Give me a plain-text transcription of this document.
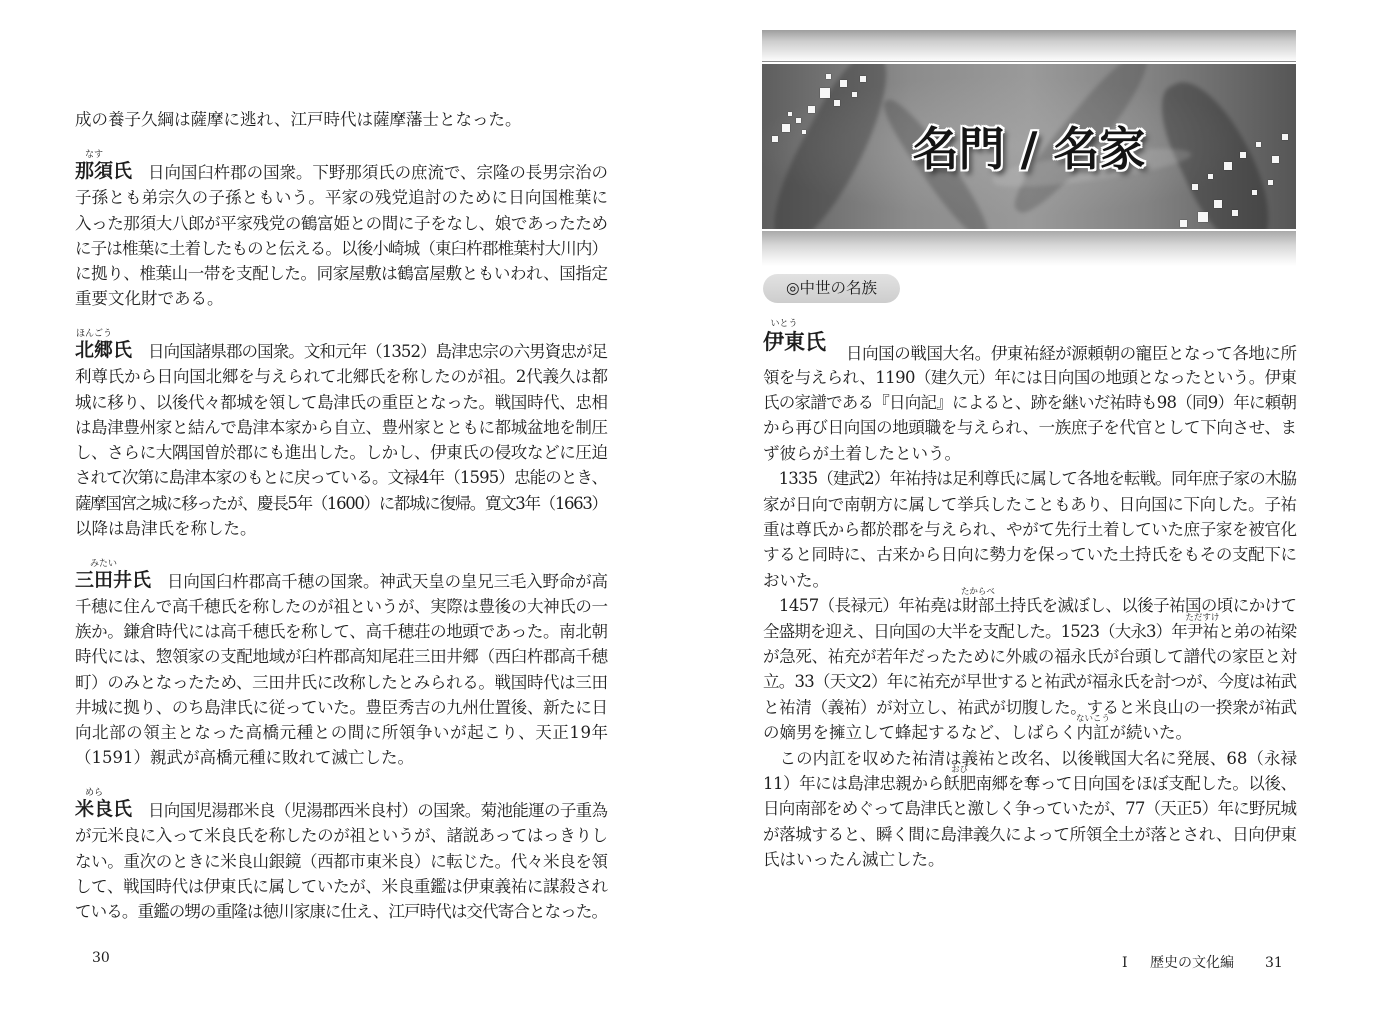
成の養子久綱は薩摩に逃れ、江戸時代は薩摩藩士となった。
那須
なす
氏 日向国臼杵郡の国衆。下野那須氏の庶流で、宗隆の長男宗治の
子孫とも弟宗久の子孫ともいう。平家の残党追討のために日向国椎葉に
入った那須大八郎が平家残党の鶴富姫との間に子をなし、娘であったため
に子は椎葉に土着したものと伝える。以後小崎城（東臼杵郡椎葉村大川内）
に拠り、椎葉山一帯を支配した。同家屋敷は鶴富屋敷ともいわれ、国指定
重要文化財である。
北郷
ほんごう
氏 日向国諸県郡の国衆。文和元年（1352）島津忠宗の六男資忠が足
利尊氏から日向国北郷を与えられて北郷氏を称したのが祖。2代義久は都
城に移り、以後代々都城を領して島津氏の重臣となった。戦国時代、忠相
は島津豊州家と結んで島津本家から自立、豊州家とともに都城盆地を制圧
し、さらに大隅国曽於郡にも進出した。しかし、伊東氏の侵攻などに圧迫
されて次第に島津本家のもとに戻っている。文禄4年（1595）忠能のとき、
薩摩国宮之城に移ったが、慶長5年（1600）に都城に復帰。寛文3年（1663）
以降は島津氏を称した。
三田井
みたい
氏 日向国臼杵郡高千穂の国衆。神武天皇の皇兄三毛入野命が高
千穂に住んで高千穂氏を称したのが祖というが、実際は豊後の大神氏の一
族か。鎌倉時代には高千穂氏を称して、高千穂荘の地頭であった。南北朝
時代には、惣領家の支配地域が臼杵郡高知尾荘三田井郷（西臼杵郡高千穂
町）のみとなったため、三田井氏に改称したとみられる。戦国時代は三田
井城に拠り、のち島津氏に従っていた。豊臣秀吉の九州仕置後、新たに日
向北部の領主となった高橋元種との間に所領争いが起こり、天正19年
（1591）親武が高橋元種に敗れて滅亡した。
米良
めら
氏 日向国児湯郡米良（児湯郡西米良村）の国衆。菊池能運の子重為
が元米良に入って米良氏を称したのが祖というが、諸説あってはっきりし
ない。重次のときに米良山銀鏡（西都市東米良）に転じた。代々米良を領
して、戦国時代は伊東氏に属していたが、米良重鑑は伊東義祐に謀殺され
ている。重鑑の甥の重隆は徳川家康に仕え、江戸時代は交代寄合となった。
30
名門 / 名家
◎中世の名族
伊東
いとう
氏 日向国の戦国大名。伊東祐経が源頼朝の寵臣となって各地に所
領を与えられ、1190（建久元）年には日向国の地頭となったという。伊東
氏の家譜である『日向記』によると、跡を継いだ祐時も98（同9）年に頼朝
から再び日向国の地頭職を与えられ、一族庶子を代官として下向させ、ま
ず彼らが土着したという。
　1335（建武2）年祐持は足利尊氏に属して各地を転戦。同年庶子家の木脇
家が日向で南朝方に属して挙兵したこともあり、日向国に下向した。子祐
重は尊氏から都於郡を与えられ、やがて先行土着していた庶子家を被官化
すると同時に、古来から日向に勢力を保っていた土持氏をもその支配下に
おいた。
　1457（長禄元）年祐堯は財部
たからべ
土持氏を滅ぼし、以後子祐国の頃にかけて
全盛期を迎え、日向国の大半を支配した。1523（大永3）年尹祐
ただすけ
と弟の祐梁
が急死、祐充が若年だったために外戚の福永氏が台頭して譜代の家臣と対
立。33（天文2）年に祐充が早世すると祐武が福永氏を討つが、今度は祐武
と祐清（義祐）が対立し、祐武が切腹した。すると米良山の一揆衆が祐武
の嫡男を擁立して蜂起するなど、しばらく内訌
ないこう
が続いた。
　この内訌を収めた祐清は義祐と改名、以後戦国大名に発展、68（永禄
11）年には島津忠親から飫肥
おび
南郷を奪って日向国をほぼ支配した。以後、
日向南部をめぐって島津氏と激しく争っていたが、77（天正5）年に野尻城
が落城すると、瞬く間に島津義久によって所領全土が落とされ、日向伊東
氏はいったん滅亡した。
I 歴史の文化編 31
